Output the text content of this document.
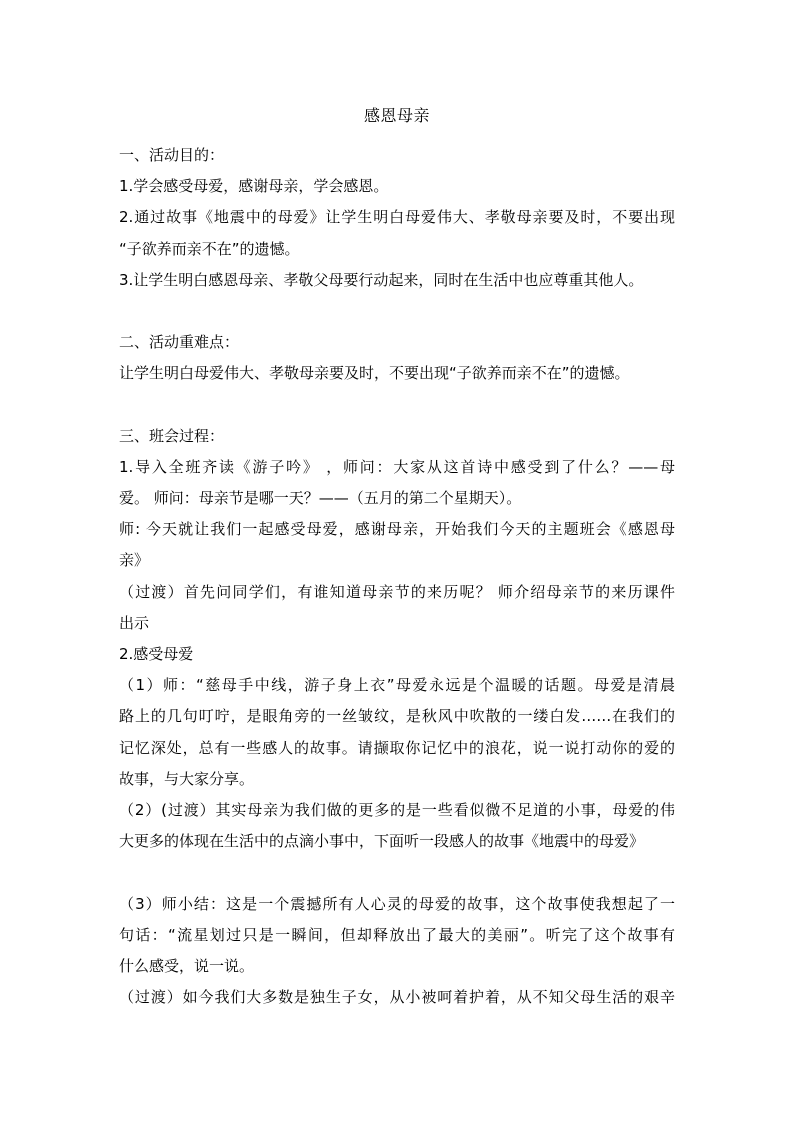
感恩母亲
一、活动目的：
1.学会感受母爱，感谢母亲，学会感恩。
2.通过故事《地震中的母爱》让学生明白母爱伟大、孝敬母亲要及时，不要出现
“子欲养而亲不在”的遗憾。
3.让学生明白感恩母亲、孝敬父母要行动起来，同时在生活中也应尊重其他人。
二、活动重难点：
让学生明白母爱伟大、孝敬母亲要及时，不要出现“子欲养而亲不在”的遗憾。
三、班会过程：
1.导入全班齐读《游子吟》 ，师问：大家从这首诗中感受到了什么？——母
爱。 师问：母亲节是哪一天？——（五月的第二个星期天）。
师: 今天就让我们一起感受母爱，感谢母亲，开始我们今天的主题班会《感恩母
亲》
（过渡）首先问同学们，有谁知道母亲节的来历呢？ 师介绍母亲节的来历课件
出示
2.感受母爱
（1）师：“慈母手中线，游子身上衣”母爱永远是个温暖的话题。母爱是清晨
路上的几句叮咛，是眼角旁的一丝皱纹，是秋风中吹散的一缕白发……在我们的
记忆深处，总有一些感人的故事。请撷取你记忆中的浪花，说一说打动你的爱的
故事，与大家分享。
（2）(过渡）其实母亲为我们做的更多的是一些看似微不足道的小事，母爱的伟
大更多的体现在生活中的点滴小事中，下面听一段感人的故事《地震中的母爱》
（3）师小结：这是一个震撼所有人心灵的母爱的故事，这个故事使我想起了一
句话：“流星划过只是一瞬间，但却释放出了最大的美丽”。听完了这个故事有
什么感受，说一说。
（过渡）如今我们大多数是独生子女，从小被呵着护着，从不知父母生活的艰辛
